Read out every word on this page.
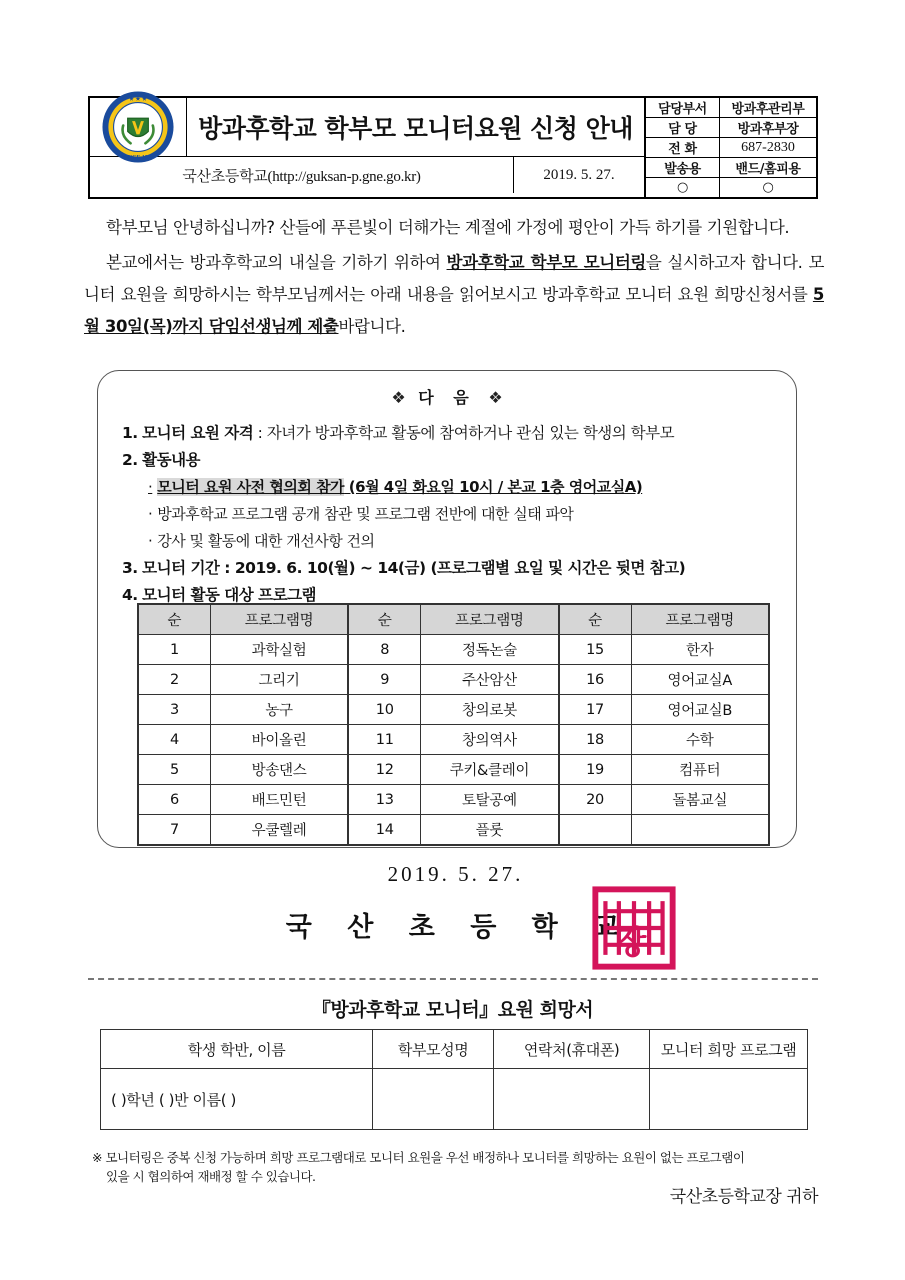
★ ★ ★
SINCE 1977
방과후학교 학부모 모니터요원 신청 안내
국산초등학교(http://guksan-p.gne.go.kr)	2019. 5. 27.
담당부서	방과후관리부
담 당	방과후부장
전 화	687-2830
발송용	밴드/홈피용
○	○

학부모님 안녕하십니까? 산들에 푸른빛이 더해가는 계절에 가정에 평안이 가득 하기를 기원합니다.

본교에서는 방과후학교의 내실을 기하기 위하여 방과후학교 학부모 모니터링을 실시하고자 합니다. 모니터 요원을 희망하시는 학부모님께서는 아래 내용을 읽어보시고 방과후학교 모니터 요원 희망신청서를 5월 30일(목)까지 담임선생님께 제출바랍니다.

❖ 다 음 ❖
1. 모니터 요원 자격 : 자녀가 방과후학교 활동에 참여하거나 관심 있는 학생의 학부모
2. 활동내용
· 모니터 요원 사전 협의회 참가 (6월 4일 화요일 10시 / 본교 1층 영어교실A)
· 방과후학교 프로그램 공개 참관 및 프로그램 전반에 대한 실태 파악
· 강사 및 활동에 대한 개선사항 건의
3. 모니터 기간 : 2019. 6. 10(월) ~ 14(금) (프로그램별 요일 및 시간은 뒷면 참고)
4. 모니터 활동 대상 프로그램
순	프로그램명	순	프로그램명	순	프로그램명
1	과학실험	8	정독논술	15	한자
2	그리기	9	주산암산	16	영어교실A
3	농구	10	창의로봇	17	영어교실B
4	바이올린	11	창의역사	18	수학
5	방송댄스	12	쿠키&클레이	19	컴퓨터
6	배드민턴	13	토탈공예	20	돌봄교실
7	우쿨렐레	14	플룻		
2019. 5. 27.
국 산 초 등 학 교
장
『방과후학교 모니터』요원 희망서
학생 학반, 이름	학부모성명	연락처(휴대폰)	모니터 희망 프로그램
( )학년 ( )반 이름( )			
※ 모니터링은 중복 신청 가능하며 희망 프로그램대로 모니터 요원을 우선 배정하나 모니터를 희망하는 요원이 없는 프로그램이
있을 시 협의하여 재배정 할 수 있습니다.
국산초등학교장 귀하
